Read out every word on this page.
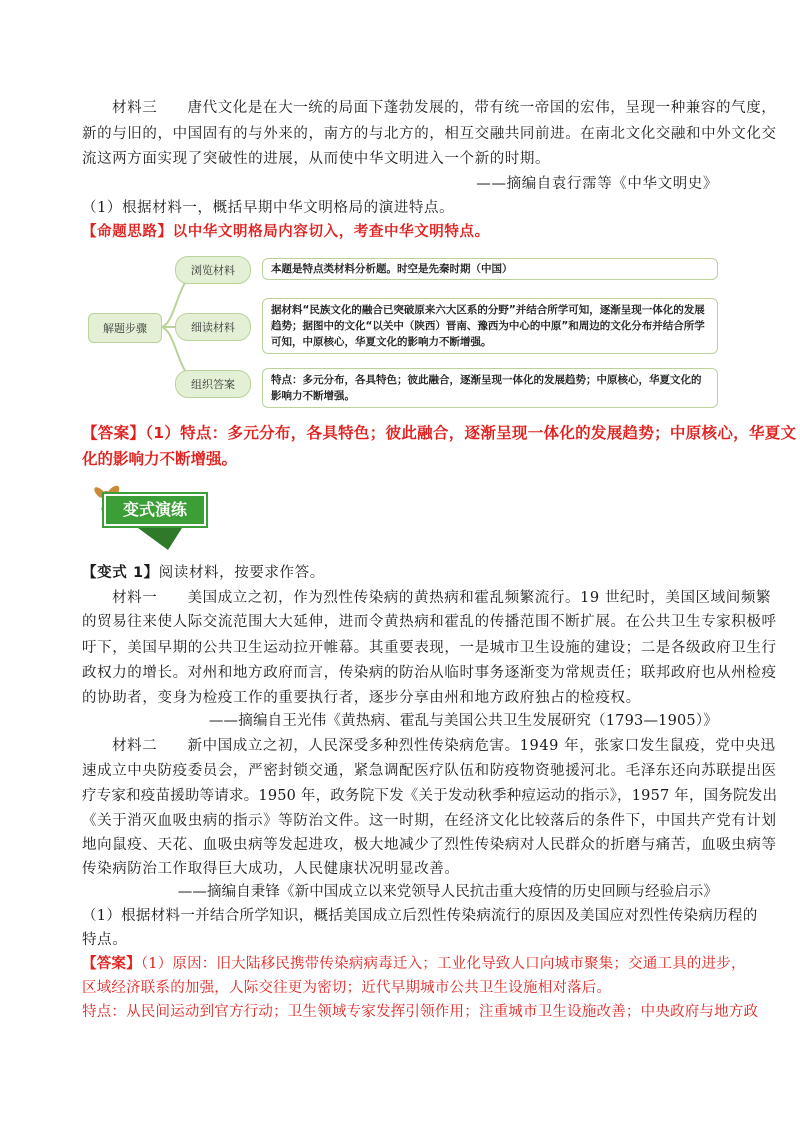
材料三　　唐代文化是在大一统的局面下蓬勃发展的，带有统一帝国的宏伟，呈现一种兼容的气度，
新的与旧的，中国固有的与外来的，南方的与北方的，相互交融共同前进。在南北文化交融和中外文化交
流这两方面实现了突破性的进展，从而使中华文明进入一个新的时期。
——摘编自袁行霈等《中华文明史》
（1）根据材料一，概括早期中华文明格局的演进特点。
【命题思路】以中华文明格局内容切入，考查中华文明特点。
解题步骤
浏览材料	本题是特点类材料分析题。时空是先秦时期（中国）
细读材料
据材料“民族文化的融合已突破原来六大区系的分野”并结合所学可知，逐渐呈现一体化的发展
趋势；据图中的文化“以关中（陕西）晋南、豫西为中心的中原”和周边的文化分布并结合所学
可知，中原核心，华夏文化的影响力不断增强。
组织答案	特点：多元分布，各具特色；彼此融合，逐渐呈现一体化的发展趋势；中原核心，华夏文化的
影响力不断增强。
【答案】（1）特点：多元分布，各具特色；彼此融合，逐渐呈现一体化的发展趋势；中原核心，华夏文
化的影响力不断增强。
变式演练
【变式 1】阅读材料，按要求作答。
材料一　　美国成立之初，作为烈性传染病的黄热病和霍乱频繁流行。19 世纪时，美国区域间频繁
的贸易往来使人际交流范围大大延伸，进而令黄热病和霍乱的传播范围不断扩展。在公共卫生专家积极呼
吁下，美国早期的公共卫生运动拉开帷幕。其重要表现，一是城市卫生设施的建设；二是各级政府卫生行
政权力的增长。对州和地方政府而言，传染病的防治从临时事务逐渐变为常规责任；联邦政府也从州检疫
的协助者，变身为检疫工作的重要执行者，逐步分享由州和地方政府独占的检疫权。
——摘编自王光伟《黄热病、霍乱与美国公共卫生发展研究（1793—1905）》
材料二　　新中国成立之初，人民深受多种烈性传染病危害。1949 年，张家口发生鼠疫，党中央迅
速成立中央防疫委员会，严密封锁交通，紧急调配医疗队伍和防疫物资驰援河北。毛泽东还向苏联提出医
疗专家和疫苗援助等请求。1950 年，政务院下发《关于发动秋季种痘运动的指示》，1957 年，国务院发出
《关于消灭血吸虫病的指示》等防治文件。这一时期，在经济文化比较落后的条件下，中国共产党有计划
地向鼠疫、天花、血吸虫病等发起进攻，极大地减少了烈性传染病对人民群众的折磨与痛苦，血吸虫病等
传染病防治工作取得巨大成功，人民健康状况明显改善。
——摘编自秉锋《新中国成立以来党领导人民抗击重大疫情的历史回顾与经验启示》
（1）根据材料一并结合所学知识，概括美国成立后烈性传染病流行的原因及美国应对烈性传染病历程的
特点。
【答案】（1）原因：旧大陆移民携带传染病病毒迁入；工业化导致人口向城市聚集；交通工具的进步，
区域经济联系的加强，人际交往更为密切；近代早期城市公共卫生设施相对落后。
特点：从民间运动到官方行动；卫生领域专家发挥引领作用；注重城市卫生设施改善；中央政府与地方政
